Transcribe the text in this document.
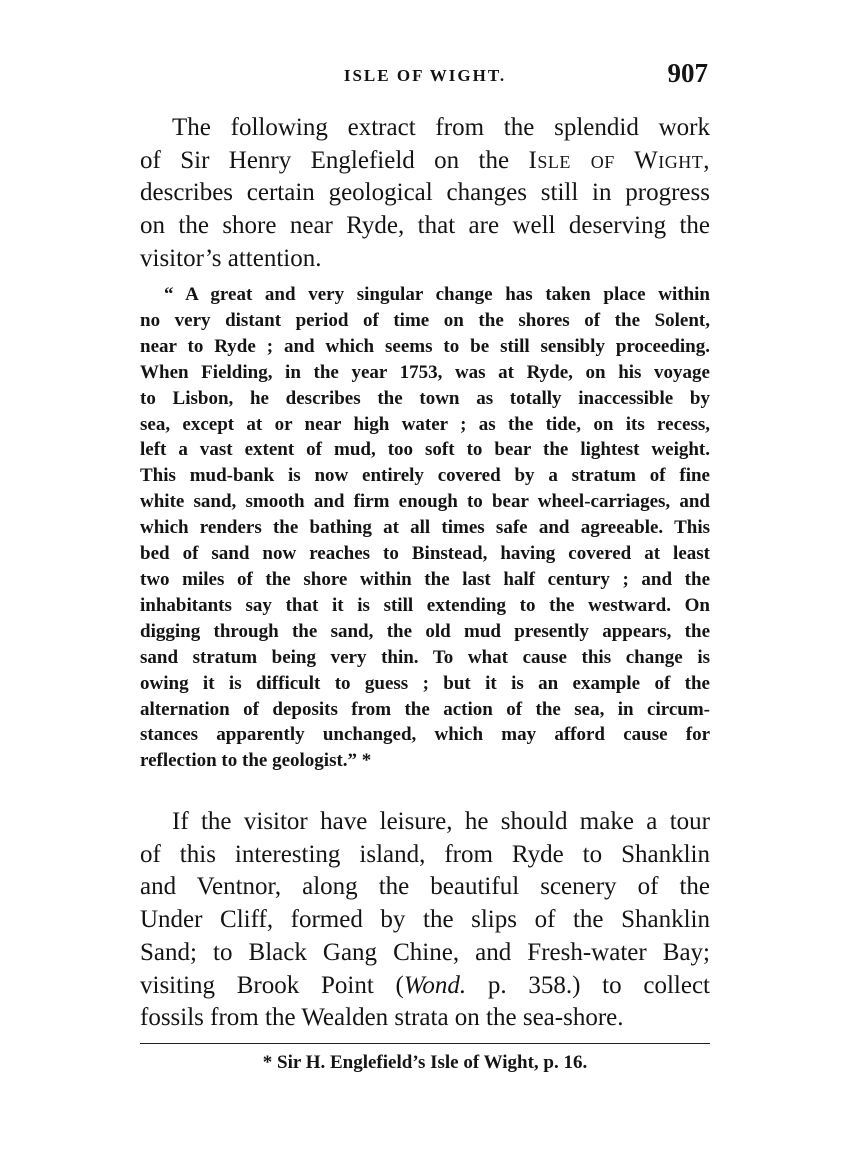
ISLE OF WIGHT.	907
The following extract from the splendid work
of Sir Henry Englefield on the Isle of Wight,
describes certain geological changes still in progress
on the shore near Ryde, that are well deserving the
visitor’s attention.
“ A great and very singular change has taken place within
no very distant period of time on the shores of the Solent,
near to Ryde ; and which seems to be still sensibly proceeding.
When Fielding, in the year 1753, was at Ryde, on his voyage
to Lisbon, he describes the town as totally inaccessible by
sea, except at or near high water ; as the tide, on its recess,
left a vast extent of mud, too soft to bear the lightest weight.
This mud-bank is now entirely covered by a stratum of fine
white sand, smooth and firm enough to bear wheel-carriages, and
which renders the bathing at all times safe and agreeable. This
bed of sand now reaches to Binstead, having covered at least
two miles of the shore within the last half century ; and the
inhabitants say that it is still extending to the westward. On
digging through the sand, the old mud presently appears, the
sand stratum being very thin. To what cause this change is
owing it is difficult to guess ; but it is an example of the
alternation of deposits from the action of the sea, in circum-
stances apparently unchanged, which may afford cause for
reflection to the geologist.” *
If the visitor have leisure, he should make a tour
of this interesting island, from Ryde to Shanklin
and Ventnor, along the beautiful scenery of the
Under Cliff, formed by the slips of the Shanklin
Sand; to Black Gang Chine, and Fresh-water Bay;
visiting Brook Point (Wond. p. 358.) to collect
fossils from the Wealden strata on the sea-shore.
* Sir H. Englefield’s Isle of Wight, p. 16.
